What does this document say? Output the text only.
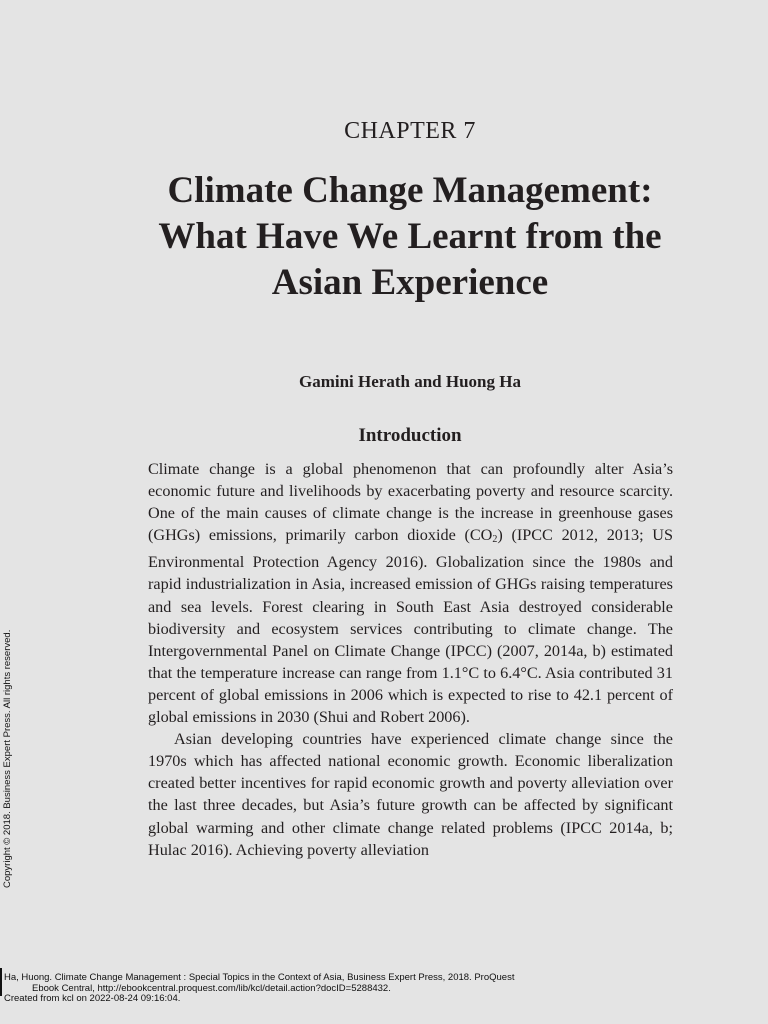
CHAPTER 7
Climate Change Management: What Have We Learnt from the Asian Experience
Gamini Herath and Huong Ha
Introduction

Climate change is a global phenomenon that can profoundly alter Asia’s economic future and livelihoods by exacerbating poverty and resource scarcity. One of the main causes of climate change is the increase in greenhouse gases (GHGs) emissions, primarily carbon dioxide $(CO_2)$ (IPCC 2012, 2013; US Environmental Protection Agency 2016). Globalization since the 1980s and rapid industrialization in Asia, increased emission of GHGs raising temperatures and sea levels. Forest clearing in South East Asia destroyed considerable biodiversity and ecosystem services contributing to climate change. The Intergovernmental Panel on Climate Change (IPCC) (2007, 2014a, b) estimated that the temperature increase can range from 1.1°C to 6.4°C. Asia contributed 31 percent of global emissions in 2006 which is expected to rise to 42.1 percent of global emissions in 2030 (Shui and Robert 2006).

Asian developing countries have experienced climate change since the 1970s which has affected national economic growth. Economic liberalization created better incentives for rapid economic growth and poverty alleviation over the last three decades, but Asia’s future growth can be affected by significant global warming and other climate change related problems (IPCC 2014a, b; Hulac 2016). Achieving poverty alleviation

Copyright © 2018. Business Expert Press. All rights reserved.
Ha, Huong. Climate Change Management : Special Topics in the Context of Asia, Business Expert Press, 2018. ProQuest
Ebook Central, http://ebookcentral.proquest.com/lib/kcl/detail.action?docID=5288432.
Created from kcl on 2022-08-24 09:16:04.
